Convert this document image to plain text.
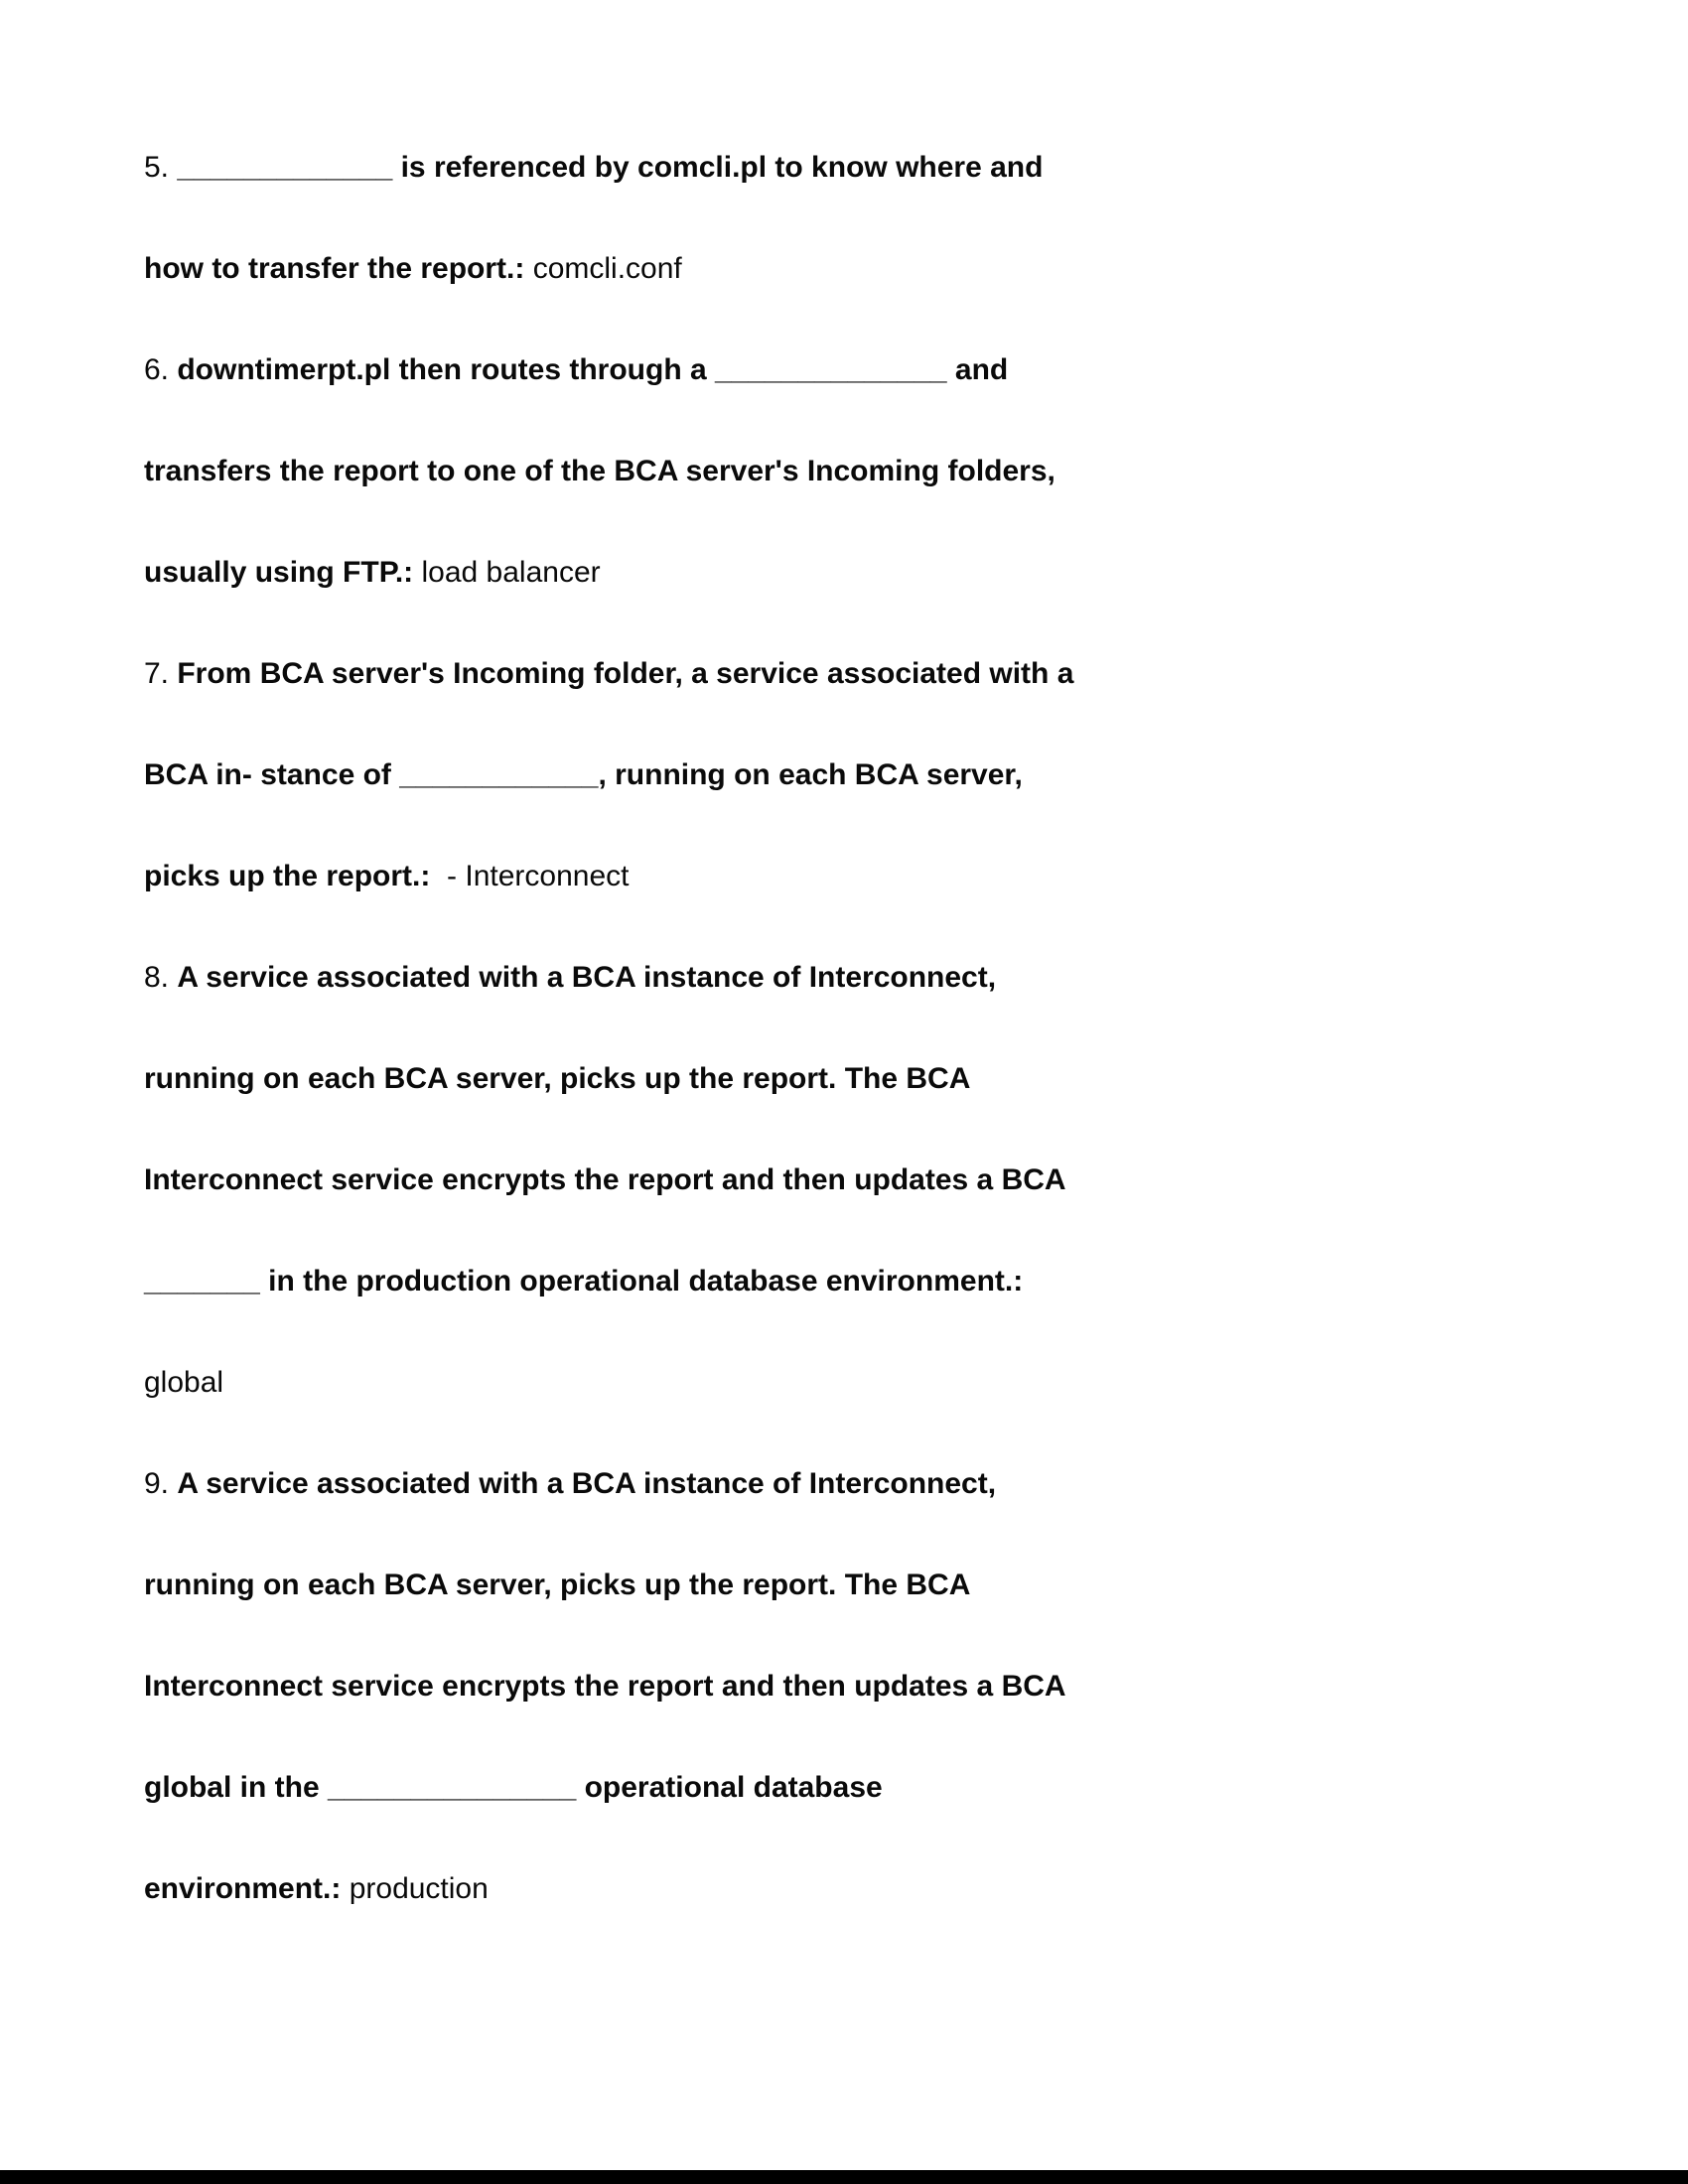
5. _____________ is referenced by comcli.pl to know where and how to transfer the report.: comcli.conf

6. downtimerpt.pl then routes through a ______________ and transfers the report to one of the BCA server's Incoming folders, usually using FTP.: load balancer

7. From BCA server's Incoming folder, a service associated with a BCA in- stance of ____________, running on each BCA server, picks up the report.:  - Interconnect

8. A service associated with a BCA instance of Interconnect, running on each BCA server, picks up the report. The BCA Interconnect service encrypts the report and then updates a BCA _______ in the production operational database environment.: global

9. A service associated with a BCA instance of Interconnect, running on each BCA server, picks up the report. The BCA Interconnect service encrypts the report and then updates a BCA global in the _______________ operational database environment.: production
